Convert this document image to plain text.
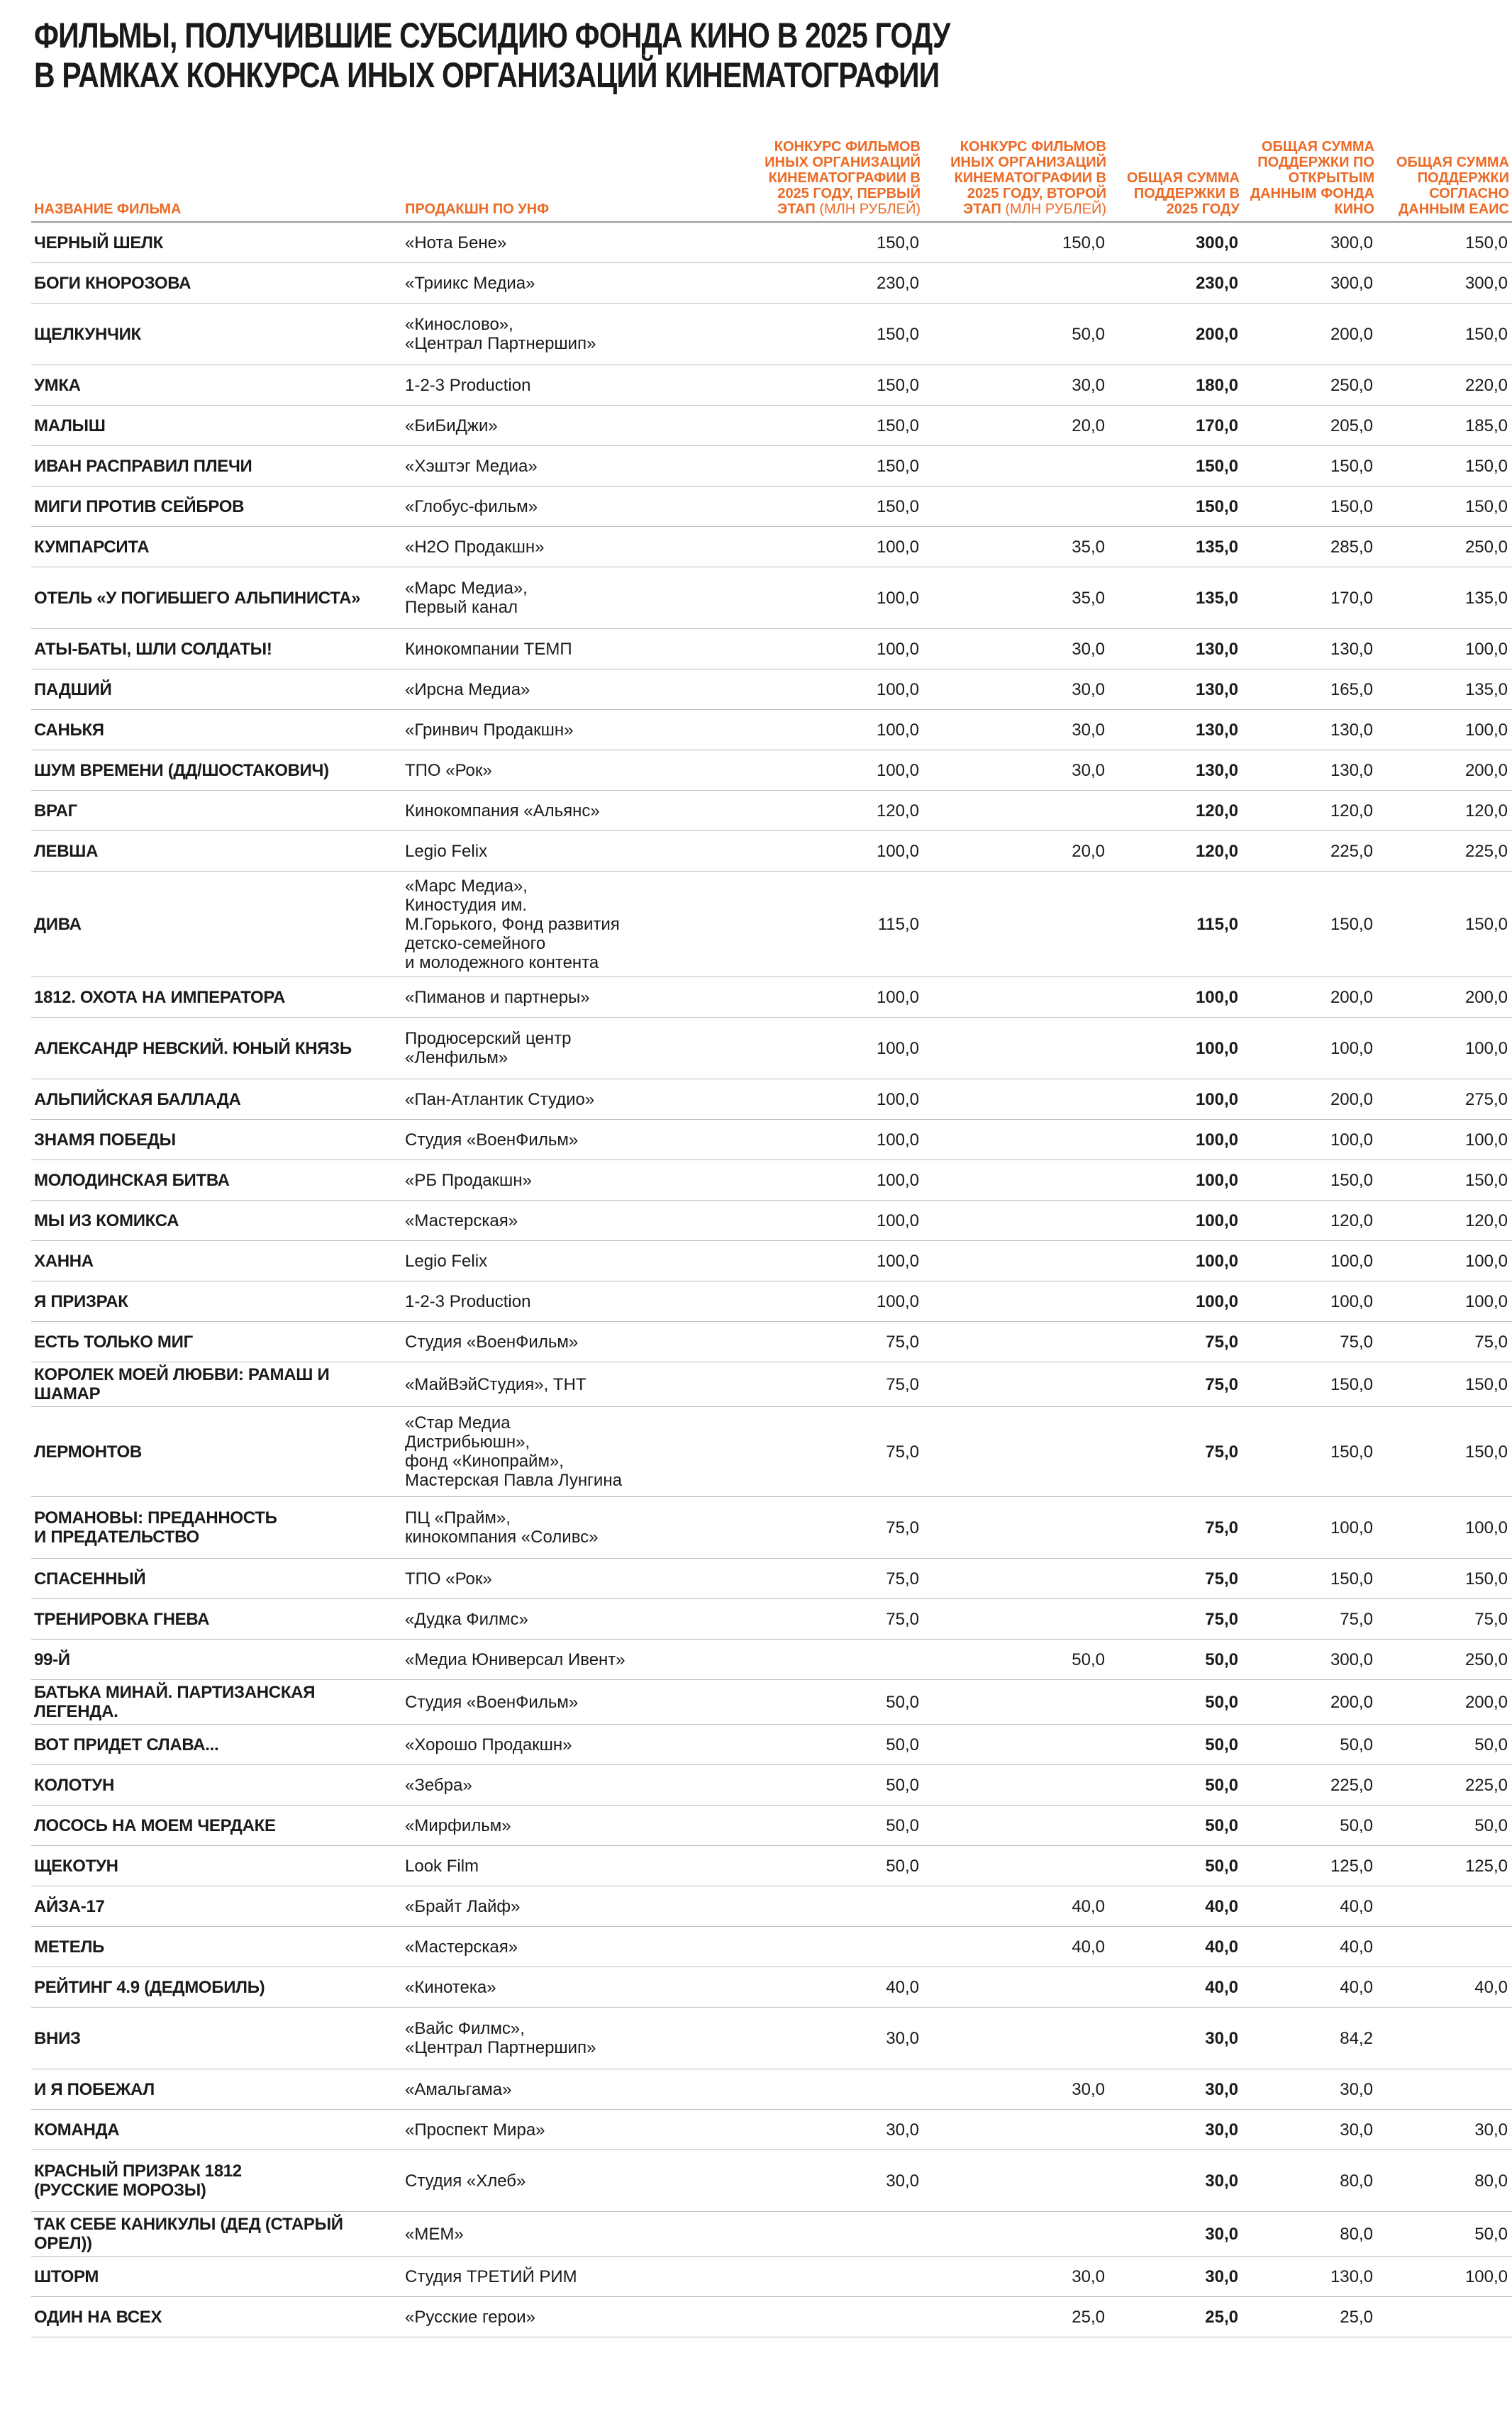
ФИЛЬМЫ, ПОЛУЧИВШИЕ СУБСИДИЮ ФОНДА КИНО В 2025 ГОДУ
В РАМКАХ КОНКУРСА ИНЫХ ОРГАНИЗАЦИЙ КИНЕМАТОГРАФИИ
НАЗВАНИЕ ФИЛЬМА	ПРОДАКШН ПО УНФ	КОНКУРС ФИЛЬМОВ ИНЫХ ОРГАНИЗАЦИЙ КИНЕМАТОГРАФИИ В 2025 ГОДУ, ПЕРВЫЙ ЭТАП (МЛН РУБЛЕЙ)	КОНКУРС ФИЛЬМОВ ИНЫХ ОРГАНИЗАЦИЙ КИНЕМАТОГРАФИИ В 2025 ГОДУ, ВТОРОЙ ЭТАП (МЛН РУБЛЕЙ)	ОБЩАЯ СУММА ПОДДЕРЖКИ В 2025 ГОДУ	ОБЩАЯ СУММА ПОДДЕРЖКИ ПО ОТКРЫТЫМ ДАННЫМ ФОНДА КИНО	ОБЩАЯ СУММА ПОДДЕРЖКИ СОГЛАСНО ДАННЫМ ЕАИС
ЧЕРНЫЙ ШЕЛК	«Нота Бене»	150,0	150,0	300,0	300,0	150,0
БОГИ КНОРОЗОВА	«Триикс Медиа»	230,0		230,0	300,0	300,0
ЩЕЛКУНЧИК	«Кинослово»,
«Централ Партнершип»	150,0	50,0	200,0	200,0	150,0
УМКА	1-2-3 Production	150,0	30,0	180,0	250,0	220,0
МАЛЫШ	«БиБиДжи»	150,0	20,0	170,0	205,0	185,0
ИВАН РАСПРАВИЛ ПЛЕЧИ	«Хэштэг Медиа»	150,0		150,0	150,0	150,0
МИГИ ПРОТИВ СЕЙБРОВ	«Глобус-фильм»	150,0		150,0	150,0	150,0
КУМПАРСИТА	«Н2О Продакшн»	100,0	35,0	135,0	285,0	250,0
ОТЕЛЬ «У ПОГИБШЕГО АЛЬПИНИСТА»	«Марс Медиа»,
Первый канал	100,0	35,0	135,0	170,0	135,0
АТЫ-БАТЫ, ШЛИ СОЛДАТЫ!	Кинокомпании ТЕМП	100,0	30,0	130,0	130,0	100,0
ПАДШИЙ	«Ирсна Медиа»	100,0	30,0	130,0	165,0	135,0
САНЬКЯ	«Гринвич Продакшн»	100,0	30,0	130,0	130,0	100,0
ШУМ ВРЕМЕНИ (ДД/ШОСТАКОВИЧ)	ТПО «Рок»	100,0	30,0	130,0	130,0	200,0
ВРАГ	Кинокомпания «Альянс»	120,0		120,0	120,0	120,0
ЛЕВША	Legio Felix	100,0	20,0	120,0	225,0	225,0
ДИВА	«Марс Медиа»,
Киностудия им.
М.Горького, Фонд развития
детско-семейного
и молодежного контента	115,0		115,0	150,0	150,0
1812. ОХОТА НА ИМПЕРАТОРА	«Пиманов и партнеры»	100,0		100,0	200,0	200,0
АЛЕКСАНДР НЕВСКИЙ. ЮНЫЙ КНЯЗЬ	Продюсерский центр
«Ленфильм»	100,0		100,0	100,0	100,0
АЛЬПИЙСКАЯ БАЛЛАДА	«Пан-Атлантик Студио»	100,0		100,0	200,0	275,0
ЗНАМЯ ПОБЕДЫ	Студия «ВоенФильм»	100,0		100,0	100,0	100,0
МОЛОДИНСКАЯ БИТВА	«РБ Продакшн»	100,0		100,0	150,0	150,0
МЫ ИЗ КОМИКСА	«Мастерская»	100,0		100,0	120,0	120,0
ХАННА	Legio Felix	100,0		100,0	100,0	100,0
Я ПРИЗРАК	1-2-3 Production	100,0		100,0	100,0	100,0
ЕСТЬ ТОЛЬКО МИГ	Студия «ВоенФильм»	75,0		75,0	75,0	75,0
КОРОЛЕК МОЕЙ ЛЮБВИ: РАМАШ И ШАМАР	«МайВэйСтудия», ТНТ	75,0		75,0	150,0	150,0
ЛЕРМОНТОВ	«Стар Медиа
Дистрибьюшн»,
фонд «Кинопрайм»,
Мастерская Павла Лунгина	75,0		75,0	150,0	150,0
РОМАНОВЫ: ПРЕДАННОСТЬ
И ПРЕДАТЕЛЬСТВО	ПЦ «Прайм»,
кинокомпания «Соливс»	75,0		75,0	100,0	100,0
СПАСЕННЫЙ	ТПО «Рок»	75,0		75,0	150,0	150,0
ТРЕНИРОВКА ГНЕВА	«Дудка Филмс»	75,0		75,0	75,0	75,0
99-Й	«Медиа Юниверсал Ивент»		50,0	50,0	300,0	250,0
БАТЬКА МИНАЙ. ПАРТИЗАНСКАЯ ЛЕГЕНДА.	Студия «ВоенФильм»	50,0		50,0	200,0	200,0
ВОТ ПРИДЕТ СЛАВА...	«Хорошо Продакшн»	50,0		50,0	50,0	50,0
КОЛОТУН	«Зебра»	50,0		50,0	225,0	225,0
ЛОСОСЬ НА МОЕМ ЧЕРДАКЕ	«Мирфильм»	50,0		50,0	50,0	50,0
ЩЕКОТУН	Look Film	50,0		50,0	125,0	125,0
АЙЗА-17	«Брайт Лайф»		40,0	40,0	40,0	
МЕТЕЛЬ	«Мастерская»		40,0	40,0	40,0	
РЕЙТИНГ 4.9 (ДЕДМОБИЛЬ)	«Кинотека»	40,0		40,0	40,0	40,0
ВНИЗ	«Вайс Филмс»,
«Централ Партнершип»	30,0		30,0	84,2	
И Я ПОБЕЖАЛ	«Амальгама»		30,0	30,0	30,0	
КОМАНДА	«Проспект Мира»	30,0		30,0	30,0	30,0
КРАСНЫЙ ПРИЗРАК 1812
(РУССКИЕ МОРОЗЫ)	Студия «Хлеб»	30,0		30,0	80,0	80,0
ТАК СЕБЕ КАНИКУЛЫ (ДЕД (СТАРЫЙ ОРЕЛ))	«МЕМ»			30,0	80,0	50,0
ШТОРМ	Студия ТРЕТИЙ РИМ		30,0	30,0	130,0	100,0
ОДИН НА ВСЕХ	«Русские герои»		25,0	25,0	25,0	
